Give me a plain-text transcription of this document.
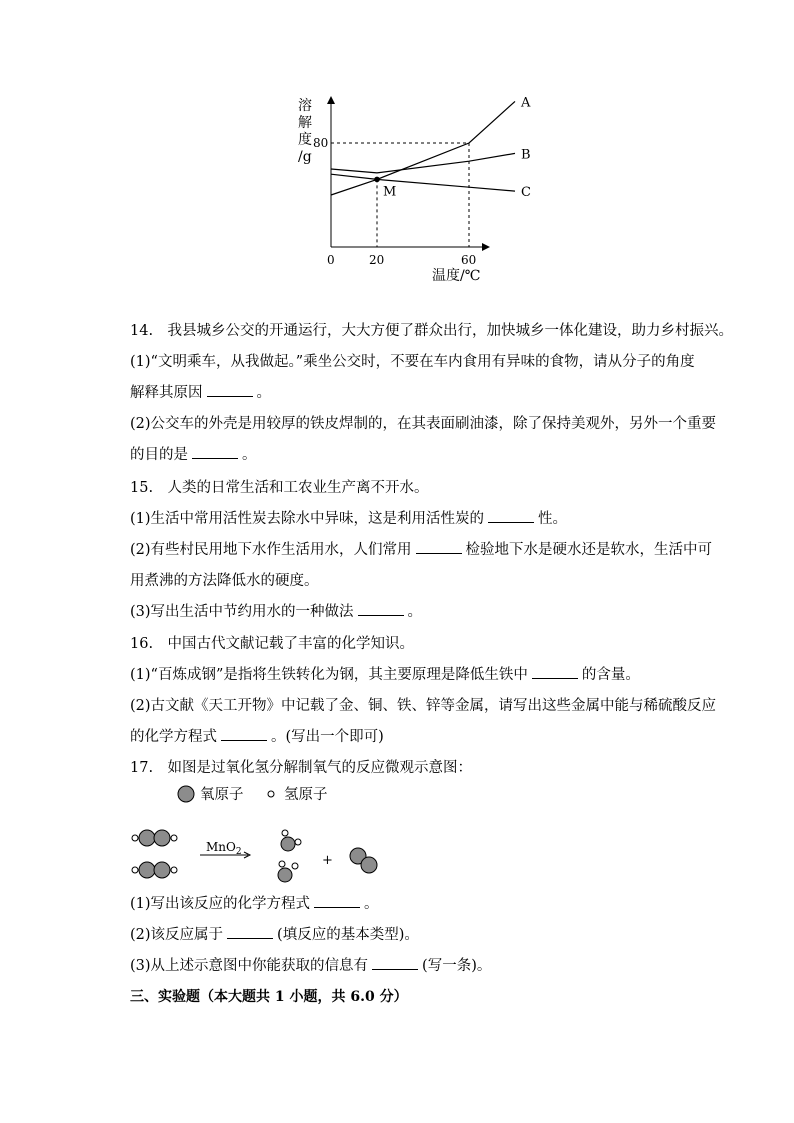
溶
解
度
/g
温度/℃
0	20	60
80
A
B
C
M
14.　我县城乡公交的开通运行，大大方便了群众出行，加快城乡一体化建设，助力乡村振兴。
(1)“文明乘车，从我做起。”乘坐公交时，不要在车内食用有异味的食物，请从分子的角度
解释其原因	。
(2)公交车的外壳是用较厚的铁皮焊制的，在其表面刷油漆，除了保持美观外，另外一个重要
的目的是	。
15.　人类的日常生活和工农业生产离不开水。
(1)生活中常用活性炭去除水中异味，这是利用活性炭的	性。
(2)有些村民用地下水作生活用水，人们常用	检验地下水是硬水还是软水，生活中可
用煮沸的方法降低水的硬度。
(3)写出生活中节约用水的一种做法	。
16.　中国古代文献记载了丰富的化学知识。
(1)“百炼成钢”是指将生铁转化为钢，其主要原理是降低生铁中	的含量。
(2)古文献《天工开物》中记载了金、铜、铁、锌等金属，请写出这些金属中能与稀硫酸反应
的化学方程式	。(写出一个即可)
17.　如图是过氧化氢分解制氧气的反应微观示意图：
氧原子	氢原子
MnO$_2$
+
(1)写出该反应的化学方程式	。
(2)该反应属于	(填反应的基本类型)。
(3)从上述示意图中你能获取的信息有	(写一条)。
三、实验题（本大题共 1 小题，共 6.0 分）
